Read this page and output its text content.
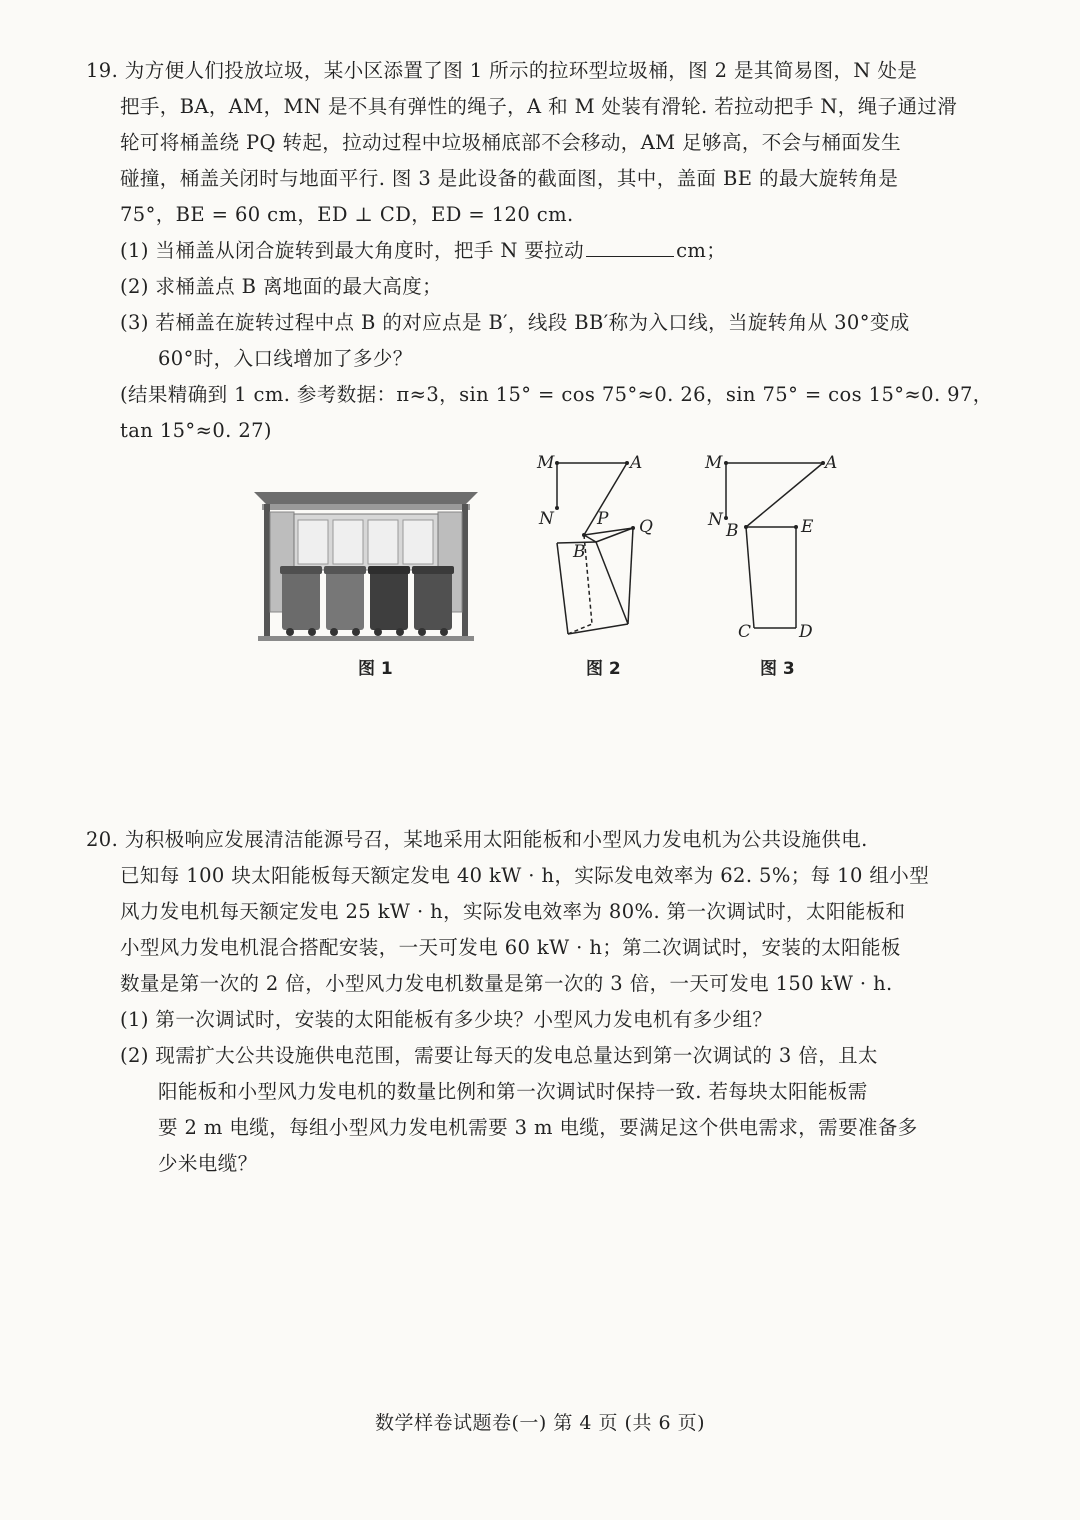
19. 为方便人们投放垃圾，某小区添置了图 1 所示的拉环型垃圾桶，图 2 是其简易图，N 处是
把手，BA，AM，MN 是不具有弹性的绳子，A 和 M 处装有滑轮. 若拉动把手 N，绳子通过滑
轮可将桶盖绕 PQ 转起，拉动过程中垃圾桶底部不会移动，AM 足够高，不会与桶面发生
碰撞，桶盖关闭时与地面平行. 图 3 是此设备的截面图，其中，盖面 BE 的最大旋转角是
75°，BE = 60 cm，ED ⊥ CD，ED = 120 cm.
(1) 当桶盖从闭合旋转到最大角度时，把手 N 要拉动	cm；
(2) 求桶盖点 B 离地面的最大高度；
(3) 若桶盖在旋转过程中点 B 的对应点是 B′，线段 BB′称为入口线，当旋转角从 30°变成
60°时，入口线增加了多少？
(结果精确到 1 cm. 参考数据：π≈3，sin 15° = cos 75°≈0. 26，sin 75° = cos 15°≈0. 97，
tan 15°≈0. 27)
图 1
M	A
N	P Q
B
图 2
M	A
N
B	E
C	D
图 3
20. 为积极响应发展清洁能源号召，某地采用太阳能板和小型风力发电机为公共设施供电.
已知每 100 块太阳能板每天额定发电 40 kW · h，实际发电效率为 62. 5%；每 10 组小型
风力发电机每天额定发电 25 kW · h，实际发电效率为 80%. 第一次调试时，太阳能板和
小型风力发电机混合搭配安装，一天可发电 60 kW · h；第二次调试时，安装的太阳能板
数量是第一次的 2 倍，小型风力发电机数量是第一次的 3 倍，一天可发电 150 kW · h.
(1) 第一次调试时，安装的太阳能板有多少块？小型风力发电机有多少组？
(2) 现需扩大公共设施供电范围，需要让每天的发电总量达到第一次调试的 3 倍，且太
阳能板和小型风力发电机的数量比例和第一次调试时保持一致. 若每块太阳能板需
要 2 m 电缆，每组小型风力发电机需要 3 m 电缆，要满足这个供电需求，需要准备多
少米电缆？
数学样卷试题卷(一) 第 4 页 (共 6 页)
